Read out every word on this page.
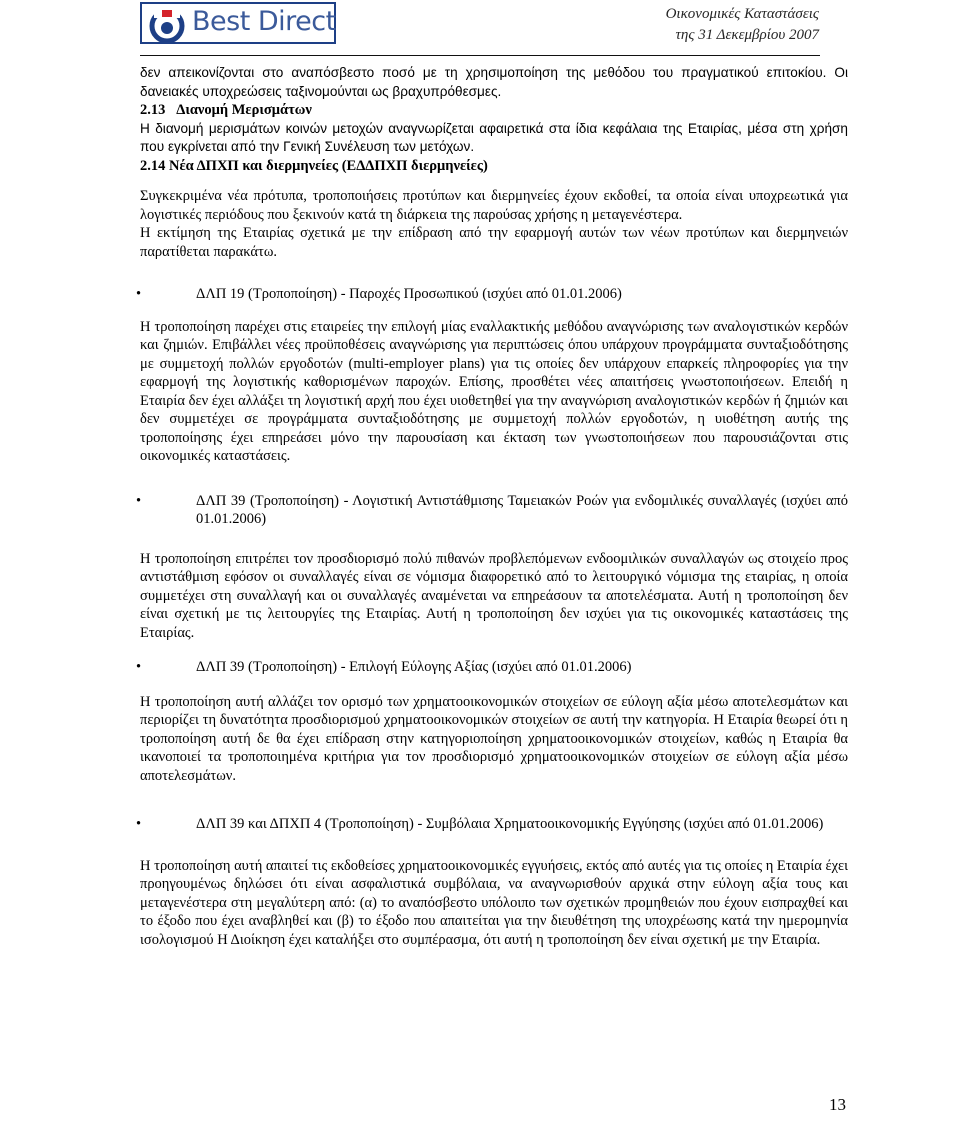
Best Direct	Οικονομικές Καταστάσεις
της 31 Δεκεμβρίου 2007

δεν απεικονίζονται στο αναπόσβεστο ποσό με τη χρησιμοποίηση της μεθόδου του πραγματικού επιτοκίου. Οι δανειακές υποχρεώσεις ταξινομούνται ως βραχυπρόθεσμες.

2.13 Διανομή Μερισμάτων

Η διανομή μερισμάτων κοινών μετοχών αναγνωρίζεται αφαιρετικά στα ίδια κεφάλαια της Εταιρίας, μέσα στη χρήση που εγκρίνεται από την Γενική Συνέλευση των μετόχων.

2.14 Νέα ΔΠΧΠ και διερμηνείες (ΕΔΔΠΧΠ διερμηνείες)

Συγκεκριμένα νέα πρότυπα, τροποποιήσεις προτύπων και διερμηνείες έχουν εκδοθεί, τα οποία είναι υποχρεωτικά για λογιστικές περιόδους που ξεκινούν κατά τη διάρκεια της παρούσας χρήσης η μεταγενέστερα.

Η εκτίμηση της Εταιρίας σχετικά με την επίδραση από την εφαρμογή αυτών των νέων προτύπων και διερμηνειών παρατίθεται παρακάτω.

•	ΔΛΠ 19 (Τροποποίηση) - Παροχές Προσωπικού (ισχύει από 01.01.2006)

Η τροποποίηση παρέχει στις εταιρείες την επιλογή μίας εναλλακτικής μεθόδου αναγνώρισης των αναλογιστικών κερδών και ζημιών. Επιβάλλει νέες προϋποθέσεις αναγνώρισης για περιπτώσεις όπου υπάρχουν προγράμματα συνταξιοδότησης με συμμετοχή πολλών εργοδοτών (multi-employer plans) για τις οποίες δεν υπάρχουν επαρκείς πληροφορίες για την εφαρμογή της λογιστικής καθορισμένων παροχών. Επίσης, προσθέτει νέες απαιτήσεις γνωστοποιήσεων. Επειδή η Εταιρία δεν έχει αλλάξει τη λογιστική αρχή που έχει υιοθετηθεί για την αναγνώριση αναλογιστικών κερδών ή ζημιών και δεν συμμετέχει σε προγράμματα συνταξιοδότησης με συμμετοχή πολλών εργοδοτών, η υιοθέτηση αυτής της τροποποίησης έχει επηρεάσει μόνο την παρουσίαση και έκταση των γνωστοποιήσεων που παρουσιάζονται στις οικονομικές καταστάσεις.

•	ΔΛΠ 39 (Τροποποίηση) - Λογιστική Αντιστάθμισης Ταμειακών Ροών για ενδομιλικές συναλλαγές (ισχύει από 01.01.2006)

Η τροποποίηση επιτρέπει τον προσδιορισμό πολύ πιθανών προβλεπόμενων ενδοομιλικών συναλλαγών ως στοιχείο προς αντιστάθμιση εφόσον οι συναλλαγές είναι σε νόμισμα διαφορετικό από το λειτουργικό νόμισμα της εταιρίας, η οποία συμμετέχει στη συναλλαγή και οι συναλλαγές αναμένεται να επηρεάσουν τα αποτελέσματα. Αυτή η τροποποίηση δεν είναι σχετική με τις λειτουργίες της Εταιρίας. Αυτή η τροποποίηση δεν ισχύει για τις οικονομικές καταστάσεις της Εταιρίας.

•	ΔΛΠ 39 (Τροποποίηση) - Επιλογή Εύλογης Αξίας (ισχύει από 01.01.2006)

Η τροποποίηση αυτή αλλάζει τον ορισμό των χρηματοοικονομικών στοιχείων σε εύλογη αξία μέσω αποτελεσμάτων και περιορίζει τη δυνατότητα προσδιορισμού χρηματοοικονομικών στοιχείων σε αυτή την κατηγορία. Η Εταιρία θεωρεί ότι η τροποποίηση αυτή δε θα έχει επίδραση στην κατηγοριοποίηση χρηματοοικονομικών στοιχείων, καθώς η Εταιρία θα ικανοποιεί τα τροποποιημένα κριτήρια για τον προσδιορισμό χρηματοοικονομικών στοιχείων σε εύλογη αξία μέσω αποτελεσμάτων.

•	ΔΛΠ 39 και ΔΠΧΠ 4 (Τροποποίηση) - Συμβόλαια Χρηματοοικονομικής Εγγύησης (ισχύει από 01.01.2006)

Η τροποποίηση αυτή απαιτεί τις εκδοθείσες χρηματοοικονομικές εγγυήσεις, εκτός από αυτές για τις οποίες η Εταιρία έχει προηγουμένως δηλώσει ότι είναι ασφαλιστικά συμβόλαια, να αναγνωρισθούν αρχικά στην εύλογη αξία τους και μεταγενέστερα στη μεγαλύτερη από: (α) το αναπόσβεστο υπόλοιπο των σχετικών προμηθειών που έχουν εισπραχθεί και το έξοδο που έχει αναβληθεί και (β) το έξοδο που απαιτείται για την διευθέτηση της υποχρέωσης κατά την ημερομηνία ισολογισμού Η Διοίκηση έχει καταλήξει στο συμπέρασμα, ότι αυτή η τροποποίηση δεν είναι σχετική με την Εταιρία.

13
